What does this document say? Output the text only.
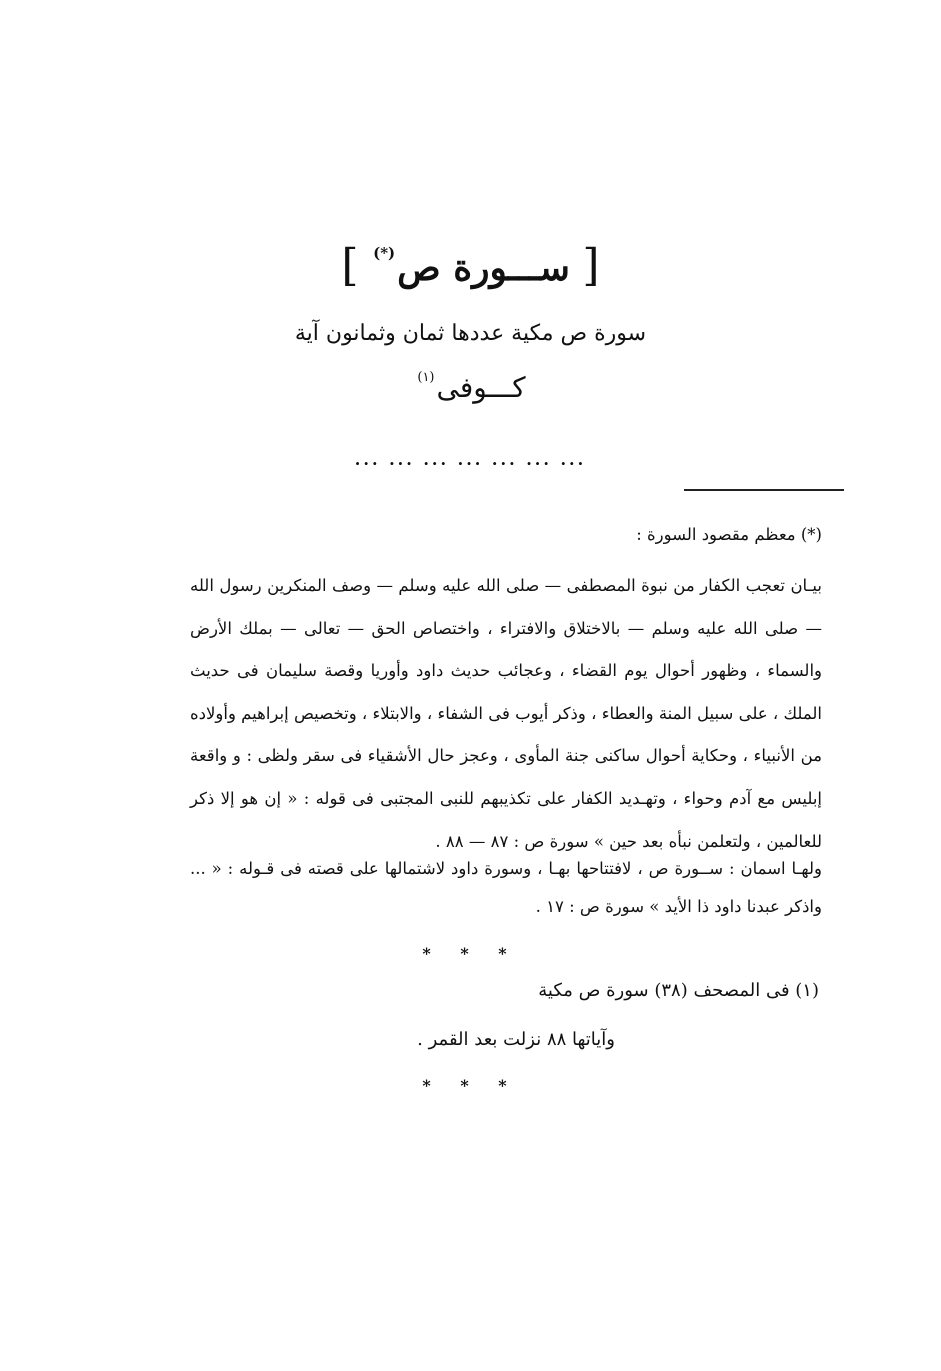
[ ســـورة ص(*) ]
سورة ص مكية عددها ثمان وثمانون آية
كـــوفى$^{(١)}$
... ... ... ... ... ... ...
(*) معظم مقصود السورة :
بيـان تعجب الكفار من نبوة المصطفى — صلى الله عليه وسلم — وصف المنكرين رسول الله — صلى الله عليه وسلم — بالاختلاق والافتراء ، واختصاص الحق — تعالى — بملك الأرض والسماء ، وظهور أحوال يوم القضاء ، وعجائب حديث داود وأوريا وقصة سليمان فى حديث الملك ، على سبيل المنة والعطاء ، وذكر أيوب فى الشفاء ، والابتلاء ، وتخصيص إبراهيم وأولاده من الأنبياء ، وحكاية أحوال ساكنى جنة المأوى ، وعجز حال الأشقياء فى سقر ولظى : و واقعة إبليس مع آدم وحواء ، وتهـديد الكفار على تكذيبهم للنبى المجتبى فى قوله : « إن هو إلا ذكر للعالمين ، ولتعلمن نبأه بعد حين » سورة ص : ٨٧ — ٨٨ .
ولهـا اسمان : ســورة ص ، لافتتاحها بهـا ، وسورة داود لاشتمالها على قصته فى قـوله : « ... واذكر عبدنا داود ذا الأيد » سورة ص : ١٧ .
* * *
(١) فى المصحف (٣٨) سورة ص مكية
وآياتها ٨٨ نزلت بعد القمر .
* * *
